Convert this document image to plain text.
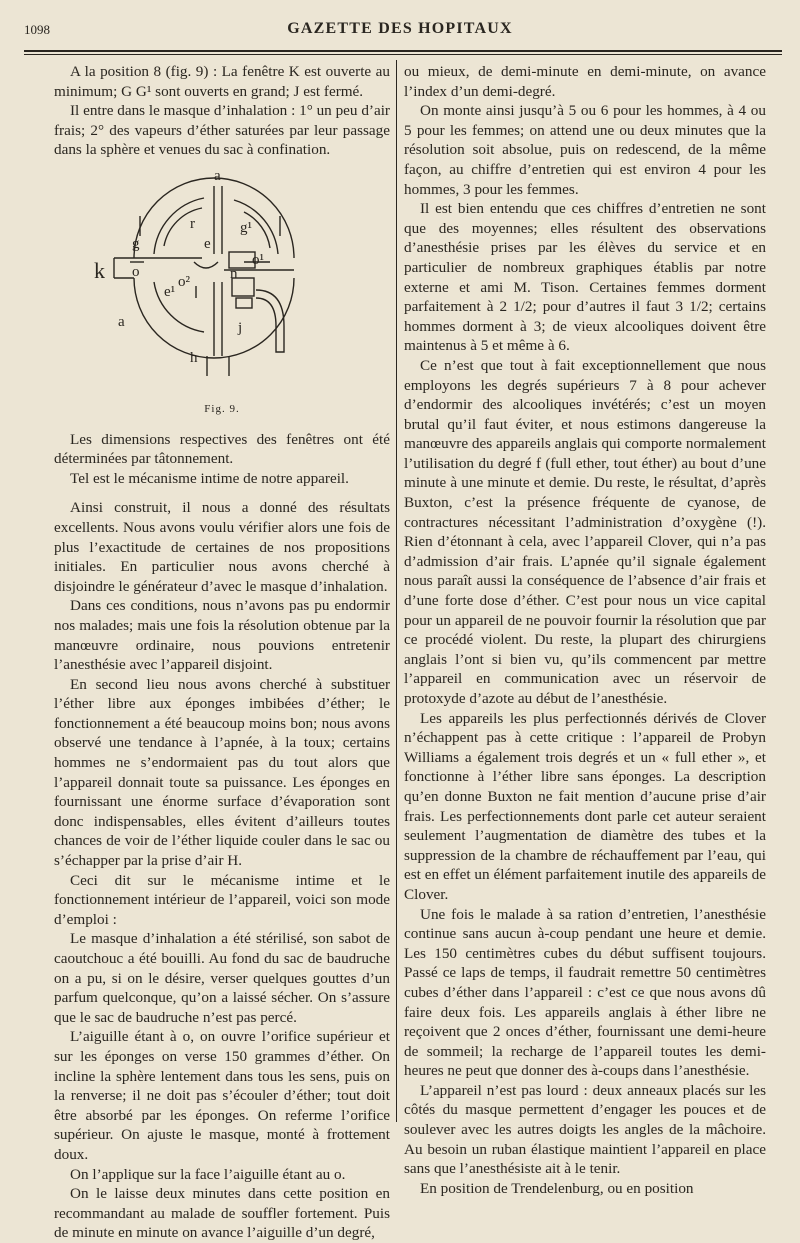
1098	GAZETTE DES HOPITAUX

A la position 8 (fig. 9) : La fenêtre K est ouverte au minimum; G G¹ sont ouverts en grand; J est fermé.

Il entre dans le masque d’inhalation : 1° un peu d’air frais; 2° des vapeurs d’éther saturées par leur passage dans la sphère et venues du sac à confination.

a
r
g
g¹
e
o
o²	n
o¹
k
e¹
j
a
h
Fig. 9.

Les dimensions respectives des fenêtres ont été déterminées par tâtonnement.

Tel est le mécanisme intime de notre appareil.

Ainsi construit, il nous a donné des résultats excellents. Nous avons voulu vérifier alors une fois de plus l’exactitude de certaines de nos propositions initiales. En particulier nous avons cherché à disjoindre le générateur d’avec le masque d’inhalation.

Dans ces conditions, nous n’avons pas pu endormir nos malades; mais une fois la résolution obtenue par la manœuvre ordinaire, nous pouvions entretenir l’anesthésie avec l’appareil disjoint.

En second lieu nous avons cherché à substituer l’éther libre aux éponges imbibées d’éther; le fonctionnement a été beaucoup moins bon; nous avons observé une tendance à l’apnée, à la toux; certains hommes ne s’endormaient pas du tout alors que l’appareil donnait toute sa puissance. Les éponges en fournissant une énorme surface d’évaporation sont donc indispensables, elles évitent d’ailleurs toutes chances de voir de l’éther liquide couler dans le sac ou s’échapper par la prise d’air H.

Ceci dit sur le mécanisme intime et le fonctionnement intérieur de l’appareil, voici son mode d’emploi :

Le masque d’inhalation a été stérilisé, son sabot de caoutchouc a été bouilli. Au fond du sac de baudruche on a pu, si on le désire, verser quelques gouttes d’un parfum quelconque, qu’on a laissé sécher. On s’assure que le sac de baudruche n’est pas percé.

L’aiguille étant à o, on ouvre l’orifice supérieur et sur les éponges on verse 150 grammes d’éther. On incline la sphère lentement dans tous les sens, puis on la renverse; il ne doit pas s’écouler d’éther; tout doit être absorbé par les éponges. On referme l’orifice supérieur. On ajuste le masque, monté à frottement doux.

On l’applique sur la face l’aiguille étant au o.

On le laisse deux minutes dans cette position en recommandant au malade de souffler fortement. Puis de minute en minute on avance l’aiguille d’un degré,

ou mieux, de demi-minute en demi-minute, on avance l’index d’un demi-degré.

On monte ainsi jusqu’à 5 ou 6 pour les hommes, à 4 ou 5 pour les femmes; on attend une ou deux minutes que la résolution soit absolue, puis on redescend, de la même façon, au chiffre d’entretien qui est environ 4 pour les hommes, 3 pour les femmes.

Il est bien entendu que ces chiffres d’entretien ne sont que des moyennes; elles résultent des observations d’anesthésie prises par les élèves du service et en particulier de nombreux graphiques établis par notre externe et ami M. Tison. Certaines femmes dorment parfaitement à 2 1/2; pour d’autres il faut 3 1/2; certains hommes dorment à 3; de vieux alcooliques doivent être maintenus à 5 et même à 6.

Ce n’est que tout à fait exceptionnellement que nous employons les degrés supérieurs 7 à 8 pour achever d’endormir des alcooliques invétérés; c’est un moyen brutal qu’il faut éviter, et nous estimons dangereuse la manœuvre des appareils anglais qui comporte normalement l’utilisation du degré f (full ether, tout éther) au bout d’une minute à une minute et demie. Du reste, le résultat, d’après Buxton, c’est la présence fréquente de cyanose, de contractures nécessitant l’administration d’oxygène (!). Rien d’étonnant à cela, avec l’appareil Clover, qui n’a pas d’admission d’air frais. L’apnée qu’il signale également nous paraît aussi la conséquence de l’absence d’air frais et d’une forte dose d’éther. C’est pour nous un vice capital pour un appareil de ne pouvoir fournir la résolution que par ce procédé violent. Du reste, la plupart des chirurgiens anglais l’ont si bien vu, qu’ils commencent par mettre l’appareil en communication avec un réservoir de protoxyde d’azote au début de l’anesthésie.

Les appareils les plus perfectionnés dérivés de Clover n’échappent pas à cette critique : l’appareil de Probyn Williams a également trois degrés et un « full ether », et fonctionne à l’éther libre sans éponges. La description qu’en donne Buxton ne fait mention d’aucune prise d’air frais. Les perfectionnements dont parle cet auteur seraient seulement l’augmentation de diamètre des tubes et la suppression de la chambre de réchauffement par l’eau, qui est en effet un élément parfaitement inutile des appareils de Clover.

Une fois le malade à sa ration d’entretien, l’anesthésie continue sans aucun à-coup pendant une heure et demie. Les 150 centimètres cubes du début suffisent toujours. Passé ce laps de temps, il faudrait remettre 50 centimètres cubes d’éther dans l’appareil : c’est ce que nous avons dû faire deux fois. Les appareils anglais à éther libre ne reçoivent que 2 onces d’éther, fournissant une demi-heure de sommeil; la recharge de l’appareil toutes les demi-heures ne peut que donner des à-coups dans l’anesthésie.

L’appareil n’est pas lourd : deux anneaux placés sur les côtés du masque permettent d’engager les pouces et de soulever avec les autres doigts les angles de la mâchoire. Au besoin un ruban élastique maintient l’appareil en place sans que l’anesthésiste ait à le tenir.

En position de Trendelenburg, ou en position
